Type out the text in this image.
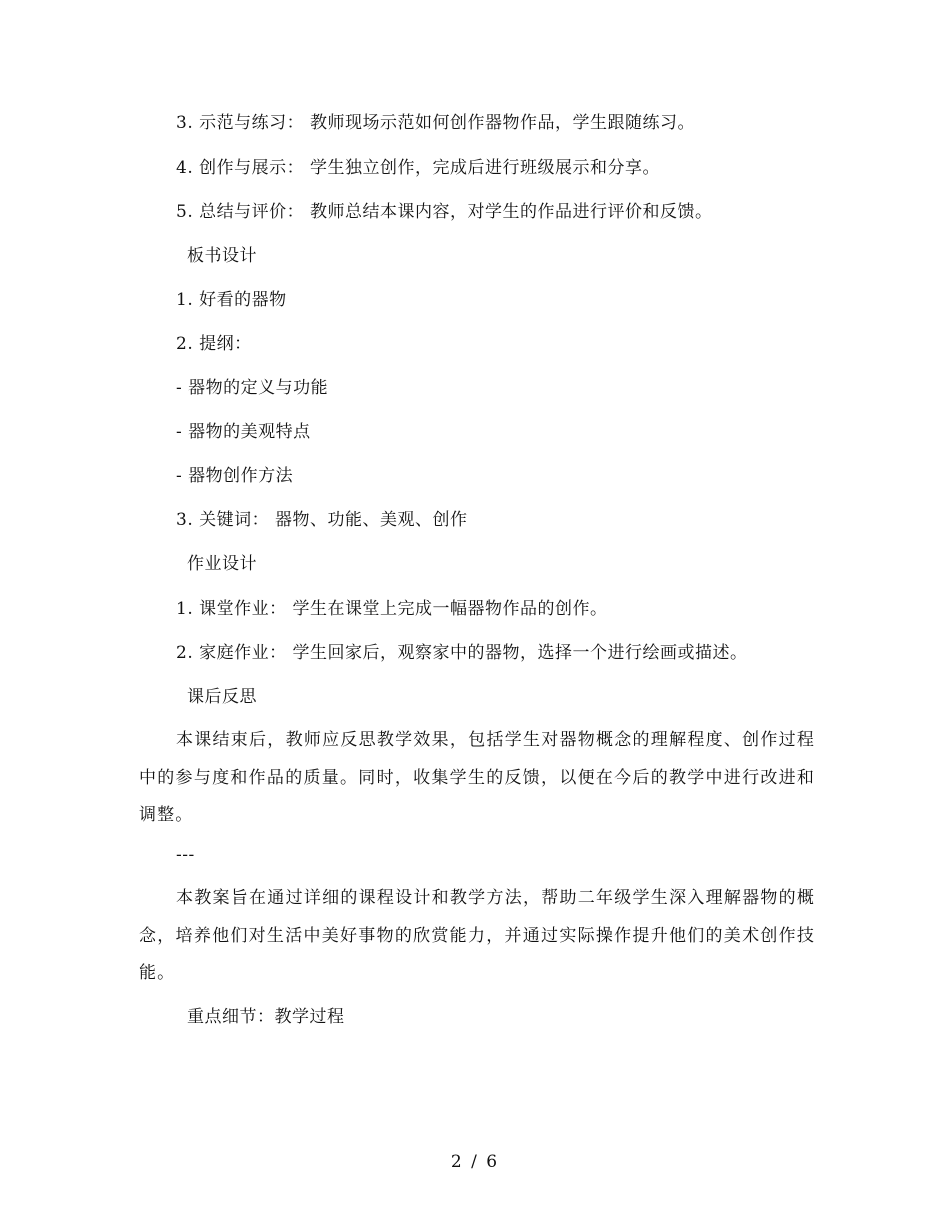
3. 示范与练习： 教师现场示范如何创作器物作品，学生跟随练习。
4. 创作与展示： 学生独立创作，完成后进行班级展示和分享。
5. 总结与评价： 教师总结本课内容，对学生的作品进行评价和反馈。
板书设计
1. 好看的器物
2. 提纲：
- 器物的定义与功能
- 器物的美观特点
- 器物创作方法
3. 关键词： 器物、功能、美观、创作
作业设计
1. 课堂作业： 学生在课堂上完成一幅器物作品的创作。
2. 家庭作业： 学生回家后，观察家中的器物，选择一个进行绘画或描述。
课后反思
本课结束后，教师应反思教学效果，包括学生对器物概念的理解程度、创作过程中的参与度和作品的质量。同时，收集学生的反馈，以便在今后的教学中进行改进和调整。
---
本教案旨在通过详细的课程设计和教学方法，帮助二年级学生深入理解器物的概念，培养他们对生活中美好事物的欣赏能力，并通过实际操作提升他们的美术创作技能。
重点细节：教学过程
2 / 6
